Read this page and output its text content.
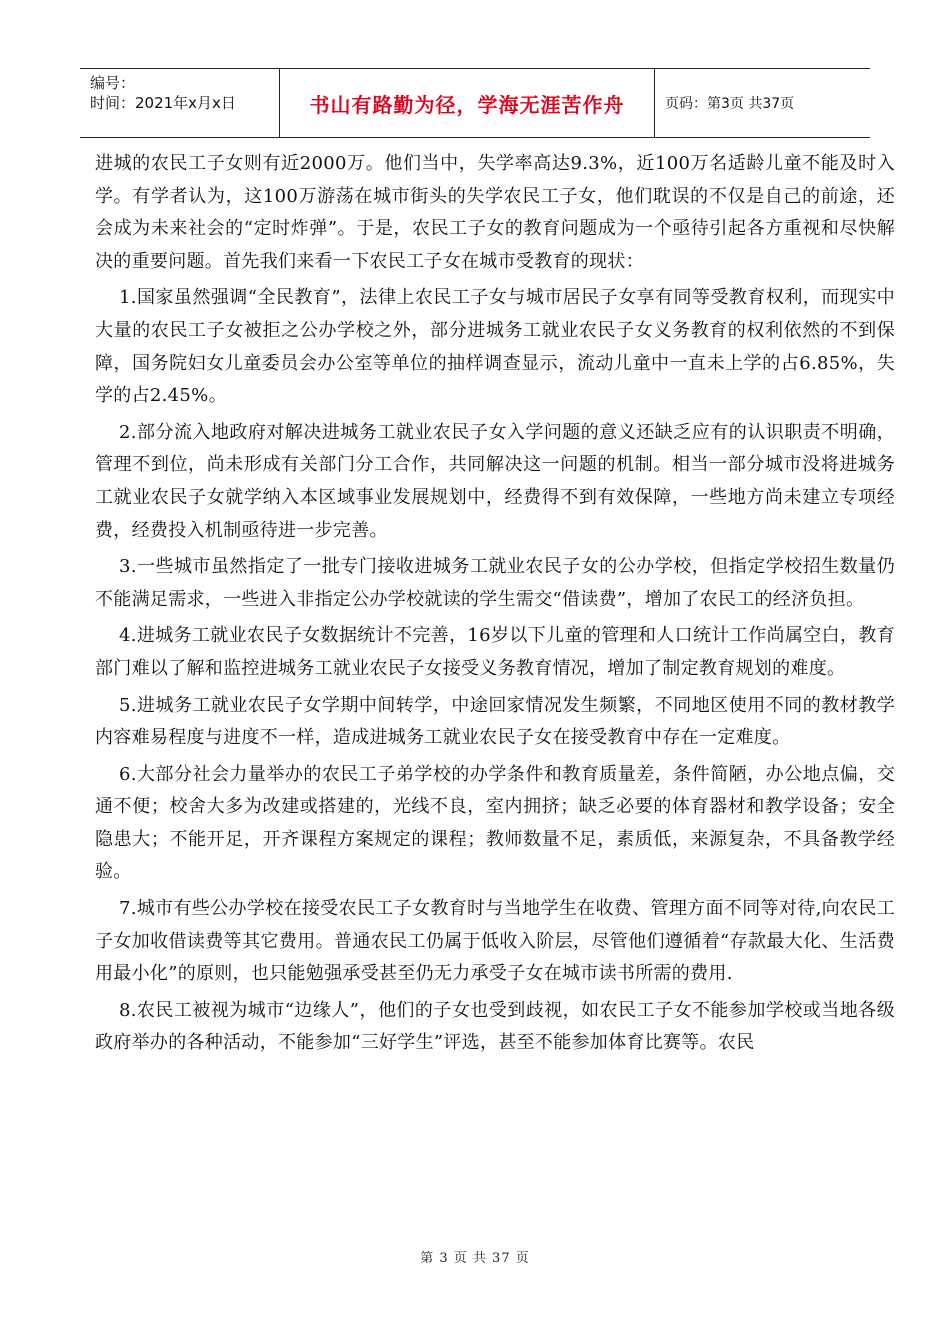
编号：
时间：2021年x月x日	书山有路勤为径，学海无涯苦作舟	页码：第3页 共37页

进城的农民工子女则有近2000万。他们当中，失学率高达9.3%，近100万名适龄儿童不能及时入学。有学者认为，这100万游荡在城市街头的失学农民工子女，他们耽误的不仅是自己的前途，还会成为未来社会的“定时炸弹”。于是，农民工子女的教育问题成为一个亟待引起各方重视和尽快解决的重要问题。首先我们来看一下农民工子女在城市受教育的现状：

1.国家虽然强调“全民教育”，法律上农民工子女与城市居民子女享有同等受教育权利，而现实中大量的农民工子女被拒之公办学校之外，部分进城务工就业农民子女义务教育的权利依然的不到保障，国务院妇女儿童委员会办公室等单位的抽样调查显示，流动儿童中一直未上学的占6.85%，失学的占2.45%。

2.部分流入地政府对解决进城务工就业农民子女入学问题的意义还缺乏应有的认识职责不明确，管理不到位，尚未形成有关部门分工合作，共同解决这一问题的机制。相当一部分城市没将进城务工就业农民子女就学纳入本区域事业发展规划中，经费得不到有效保障，一些地方尚未建立专项经费，经费投入机制亟待进一步完善。

3.一些城市虽然指定了一批专门接收进城务工就业农民子女的公办学校，但指定学校招生数量仍不能满足需求，一些进入非指定公办学校就读的学生需交“借读费”，增加了农民工的经济负担。

4.进城务工就业农民子女数据统计不完善，16岁以下儿童的管理和人口统计工作尚属空白，教育部门难以了解和监控进城务工就业农民子女接受义务教育情况，增加了制定教育规划的难度。

5.进城务工就业农民子女学期中间转学，中途回家情况发生频繁，不同地区使用不同的教材教学内容难易程度与进度不一样，造成进城务工就业农民子女在接受教育中存在一定难度。

6.大部分社会力量举办的农民工子弟学校的办学条件和教育质量差，条件简陋，办公地点偏，交通不便；校舍大多为改建或搭建的，光线不良，室内拥挤；缺乏必要的体育器材和教学设备；安全隐患大；不能开足，开齐课程方案规定的课程；教师数量不足，素质低，来源复杂，不具备教学经验。

7.城市有些公办学校在接受农民工子女教育时与当地学生在收费、管理方面不同等对待,向农民工子女加收借读费等其它费用。普通农民工仍属于低收入阶层，尽管他们遵循着“存款最大化、生活费用最小化”的原则，也只能勉强承受甚至仍无力承受子女在城市读书所需的费用.

8.农民工被视为城市“边缘人”，他们的子女也受到歧视，如农民工子女不能参加学校或当地各级政府举办的各种活动，不能参加“三好学生”评选，甚至不能参加体育比赛等。农民

第 3 页 共 37 页
